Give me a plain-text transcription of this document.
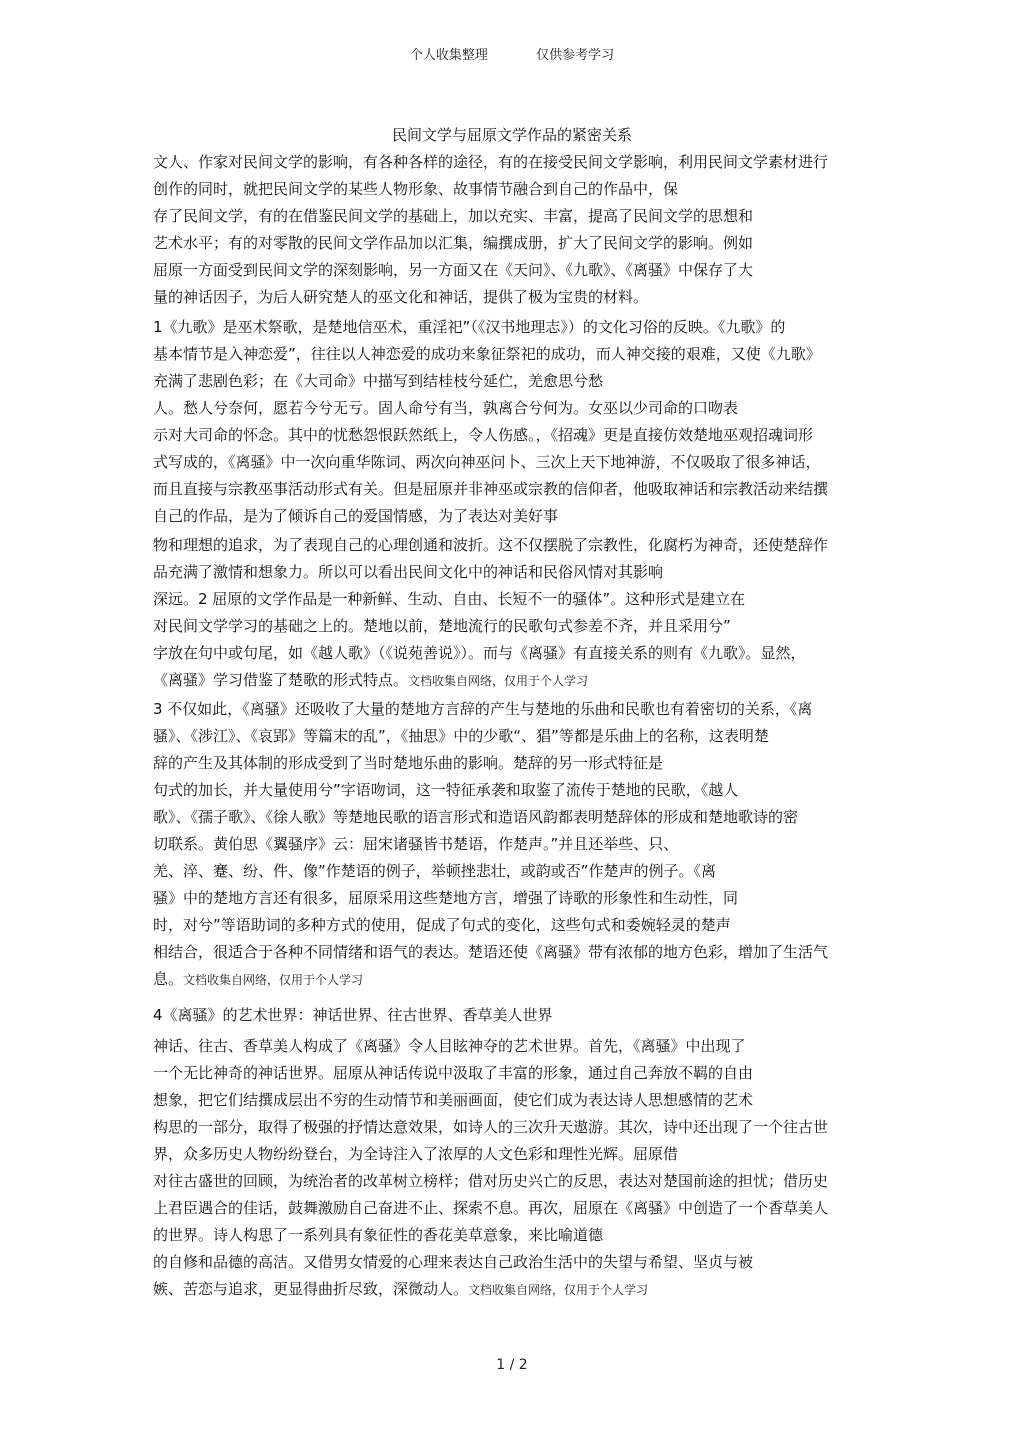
个人收集整理	仅供参考学习
民间文学与屈原文学作品的紧密关系
文人、作家对民间文学的影响，有各种各样的途径，有的在接受民间文学影响，利用民间文学素材进行
创作的同时，就把民间文学的某些人物形象、故事情节融合到自己的作品中，保
存了民间文学，有的在借鉴民间文学的基础上，加以充实、丰富，提高了民间文学的思想和
艺术水平；有的对零散的民间文学作品加以汇集，编撰成册，扩大了民间文学的影响。例如
屈原一方面受到民间文学的深刻影响，另一方面又在《天问》、《九歌》、《离骚》中保存了大
量的神话因子，为后人研究楚人的巫文化和神话，提供了极为宝贵的材料。
1《九歌》是巫术祭歌，是楚地信巫术，重淫祀”（《汉书地理志》）的文化习俗的反映。《九歌》的
基本情节是入神恋爱”，往往以人神恋爱的成功来象征祭祀的成功，而人神交接的艰难，又使《九歌》
充满了悲剧色彩；在《大司命》中描写到结桂枝兮延伫，羌愈思兮愁
人。愁人兮奈何，愿若今兮无亏。固人命兮有当，孰离合兮何为。女巫以少司命的口吻表
示对大司命的怀念。其中的忧愁怨恨跃然纸上，令人伤感。，《招魂》更是直接仿效楚地巫观招魂词形
式写成的，《离骚》中一次向重华陈词、两次向神巫问卜、三次上天下地神游，不仅吸取了很多神话，
而且直接与宗教巫事活动形式有关。但是屈原并非神巫或宗教的信仰者，他吸取神话和宗教活动来结撰
自己的作品，是为了倾诉自己的爱国情感，为了表达对美好事
物和理想的追求，为了表现自己的心理创通和波折。这不仅摆脱了宗教性，化腐朽为神奇，还使楚辞作
品充满了激情和想象力。所以可以看出民间文化中的神话和民俗风情对其影响
深远。2 屈原的文学作品是一种新鲜、生动、自由、长短不一的骚体”。这种形式是建立在
对民间文学学习的基础之上的。楚地以前，楚地流行的民歌句式参差不齐，并且采用兮”
字放在句中或句尾，如《越人歌》（《说苑善说》）。而与《离骚》有直接关系的则有《九歌》。显然，
《离骚》学习借鉴了楚歌的形式特点。文档收集自网络，仅用于个人学习
3 不仅如此，《离骚》还吸收了大量的楚地方言辞的产生与楚地的乐曲和民歌也有着密切的关系，《离
骚》、《涉江》、《哀郢》等篇末的乱”，《抽思》中的少歌“、猖”等都是乐曲上的名称，这表明楚
辞的产生及其体制的形成受到了当时楚地乐曲的影响。楚辞的另一形式特征是
句式的加长，并大量使用兮”字语吻词，这一特征承袭和取鉴了流传于楚地的民歌，《越人
歌》、《孺子歌》、《徐人歌》等楚地民歌的语言形式和造语风韵都表明楚辞体的形成和楚地歌诗的密
切联系。黄伯思《翼骚序》云：屈宋诸骚皆书楚语，作楚声。”并且还举些、只、
羌、淬、蹇、纷、件、像”作楚语的例子，举顿挫悲壮，或韵或否”作楚声的例子。《离
骚》中的楚地方言还有很多，屈原采用这些楚地方言，增强了诗歌的形象性和生动性，同
时，对兮”等语助词的多种方式的使用，促成了句式的变化，这些句式和委婉轻灵的楚声
相结合，很适合于各种不同情绪和语气的表达。楚语还使《离骚》带有浓郁的地方色彩，增加了生活气
息。文档收集自网络，仅用于个人学习
4《离骚》的艺术世界：神话世界、往古世界、香草美人世界
神话、往古、香草美人构成了《离骚》令人目眩神夺的艺术世界。首先，《离骚》中出现了
一个无比神奇的神话世界。屈原从神话传说中汲取了丰富的形象，通过自己奔放不羁的自由
想象，把它们结撰成层出不穷的生动情节和美丽画面，使它们成为表达诗人思想感情的艺术
构思的一部分，取得了极强的抒情达意效果，如诗人的三次升天遨游。其次，诗中还出现了一个往古世
界，众多历史人物纷纷登台，为全诗注入了浓厚的人文色彩和理性光辉。屈原借
对往古盛世的回顾，为统治者的改革树立榜样；借对历史兴亡的反思，表达对楚国前途的担忧；借历史
上君臣遇合的佳话，鼓舞激励自己奋进不止、探索不息。再次，屈原在《离骚》中创造了一个香草美人
的世界。诗人构思了一系列具有象征性的香花美草意象，来比喻道德
的自修和品德的高洁。又借男女情爱的心理来表达自己政治生活中的失望与希望、坚贞与被
嫉、苦恋与追求，更显得曲折尽致，深微动人。文档收集自网络，仅用于个人学习
1 / 2
